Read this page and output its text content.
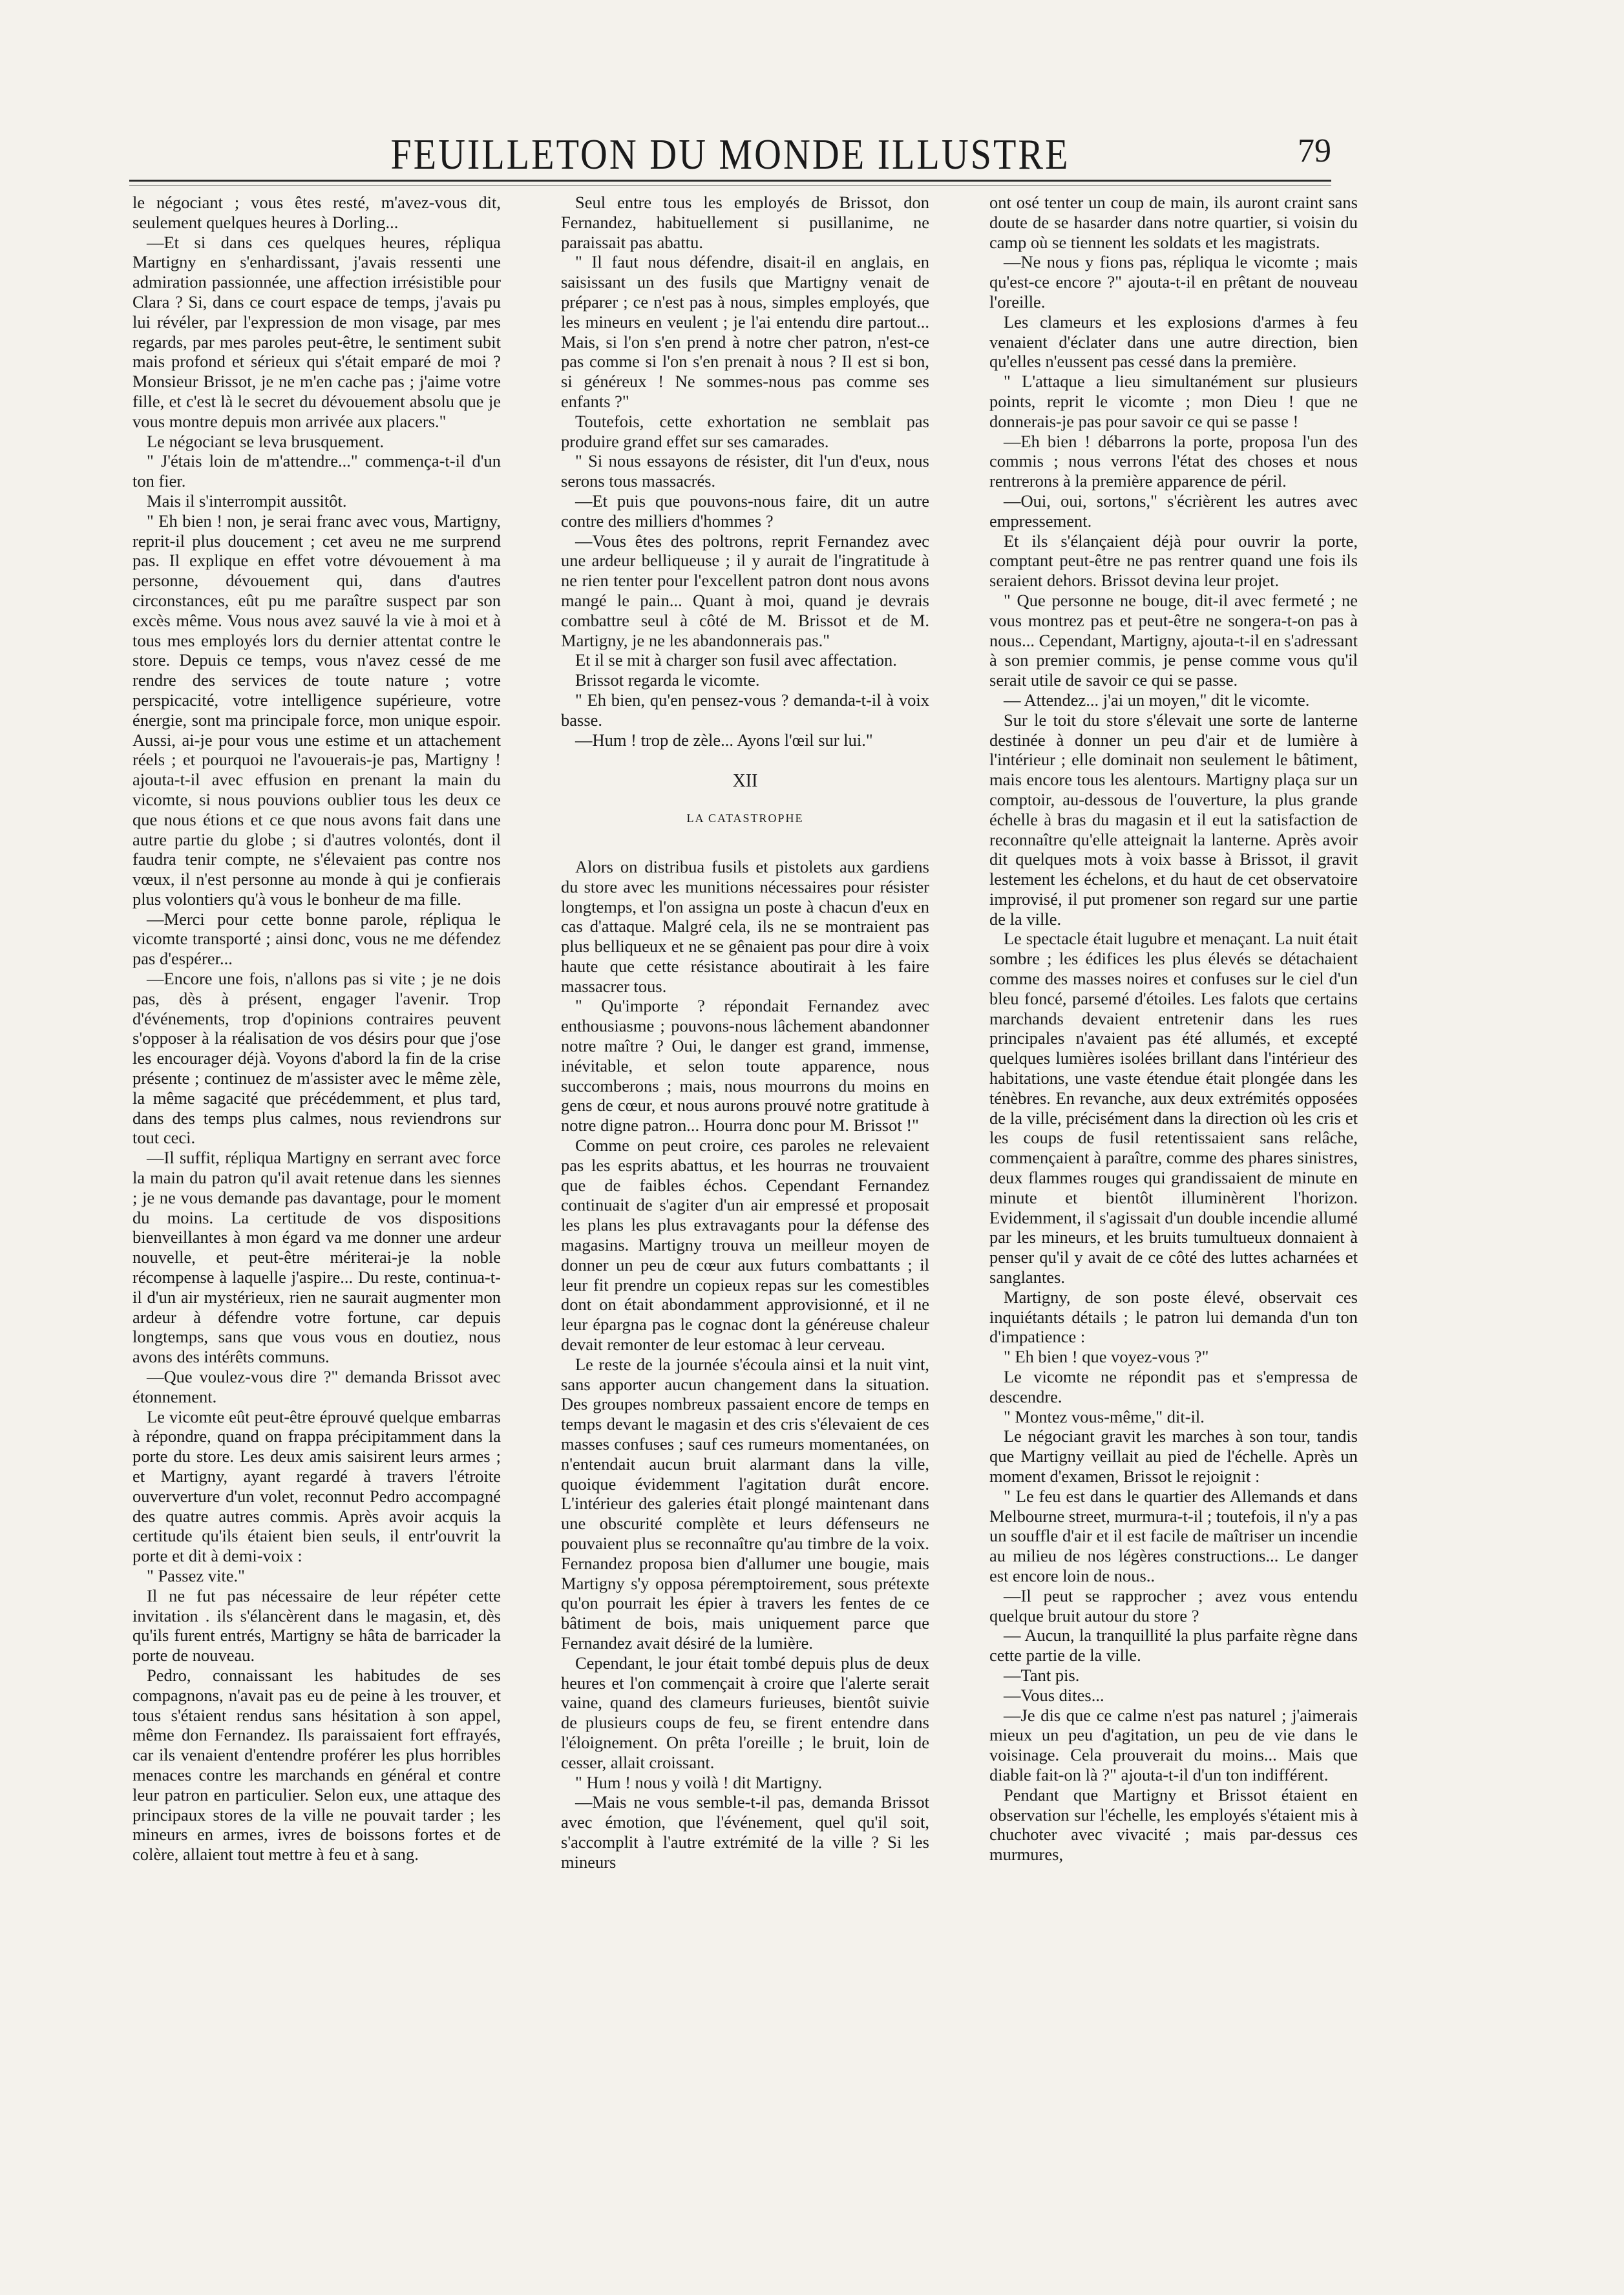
FEUILLETON DU MONDE ILLUSTRE	79

le négociant ; vous êtes resté, m'avez-vous dit, seulement quelques heures à Dorling...

—Et si dans ces quelques heures, répliqua Martigny en s'enhardissant, j'avais ressenti une admiration passionnée, une affection irrésistible pour Clara ? Si, dans ce court espace de temps, j'avais pu lui révéler, par l'expression de mon visage, par mes regards, par mes paroles peut-être, le sentiment subit mais profond et sérieux qui s'était emparé de moi ? Monsieur Brissot, je ne m'en cache pas ; j'aime votre fille, et c'est là le secret du dévouement absolu que je vous montre depuis mon arrivée aux placers."

Le négociant se leva brusquement.

" J'étais loin de m'attendre..." commença-t-il d'un ton fier.

Mais il s'interrompit aussitôt.

" Eh bien ! non, je serai franc avec vous, Martigny, reprit-il plus doucement ; cet aveu ne me surprend pas. Il explique en effet votre dévouement à ma personne, dévouement qui, dans d'autres circonstances, eût pu me paraître suspect par son excès même. Vous nous avez sauvé la vie à moi et à tous mes employés lors du dernier attentat contre le store. Depuis ce temps, vous n'avez cessé de me rendre des services de toute nature ; votre perspicacité, votre intelligence supérieure, votre énergie, sont ma principale force, mon unique espoir. Aussi, ai-je pour vous une estime et un attachement réels ; et pourquoi ne l'avouerais-je pas, Martigny ! ajouta-t-il avec effusion en prenant la main du vicomte, si nous pouvions oublier tous les deux ce que nous étions et ce que nous avons fait dans une autre partie du globe ; si d'autres volontés, dont il faudra tenir compte, ne s'élevaient pas contre nos vœux, il n'est personne au monde à qui je confierais plus volontiers qu'à vous le bonheur de ma fille.

—Merci pour cette bonne parole, répliqua le vicomte transporté ; ainsi donc, vous ne me défendez pas d'espérer...

—Encore une fois, n'allons pas si vite ; je ne dois pas, dès à présent, engager l'avenir. Trop d'événements, trop d'opinions contraires peuvent s'opposer à la réalisation de vos désirs pour que j'ose les encourager déjà. Voyons d'abord la fin de la crise présente ; continuez de m'assister avec le même zèle, la même sagacité que précédemment, et plus tard, dans des temps plus calmes, nous reviendrons sur tout ceci.

—Il suffit, répliqua Martigny en serrant avec force la main du patron qu'il avait retenue dans les siennes ; je ne vous demande pas davantage, pour le moment du moins. La certitude de vos dispositions bienveillantes à mon égard va me donner une ardeur nouvelle, et peut-être mériterai-je la noble récompense à laquelle j'aspire... Du reste, continua-t-il d'un air mystérieux, rien ne saurait augmenter mon ardeur à défendre votre fortune, car depuis longtemps, sans que vous vous en doutiez, nous avons des intérêts communs.

—Que voulez-vous dire ?" demanda Brissot avec étonnement.

Le vicomte eût peut-être éprouvé quelque embarras à répondre, quand on frappa précipitamment dans la porte du store. Les deux amis saisirent leurs armes ; et Martigny, ayant regardé à travers l'étroite ouververture d'un volet, reconnut Pedro accompagné des quatre autres commis. Après avoir acquis la certitude qu'ils étaient bien seuls, il entr'ouvrit la porte et dit à demi-voix :

" Passez vite."

Il ne fut pas nécessaire de leur répéter cette invitation . ils s'élancèrent dans le magasin, et, dès qu'ils furent entrés, Martigny se hâta de barricader la porte de nouveau.

Pedro, connaissant les habitudes de ses compagnons, n'avait pas eu de peine à les trouver, et tous s'étaient rendus sans hésitation à son appel, même don Fernandez. Ils paraissaient fort effrayés, car ils venaient d'entendre proférer les plus horribles menaces contre les marchands en général et contre leur patron en particulier. Selon eux, une attaque des principaux stores de la ville ne pouvait tarder ; les mineurs en armes, ivres de boissons fortes et de colère, allaient tout mettre à feu et à sang.

Seul entre tous les employés de Brissot, don Fernandez, habituellement si pusillanime, ne paraissait pas abattu.

" Il faut nous défendre, disait-il en anglais, en saisissant un des fusils que Martigny venait de préparer ; ce n'est pas à nous, simples employés, que les mineurs en veulent ; je l'ai entendu dire partout... Mais, si l'on s'en prend à notre cher patron, n'est-ce pas comme si l'on s'en prenait à nous ? Il est si bon, si généreux ! Ne sommes-nous pas comme ses enfants ?"

Toutefois, cette exhortation ne semblait pas produire grand effet sur ses camarades.

" Si nous essayons de résister, dit l'un d'eux, nous serons tous massacrés.

—Et puis que pouvons-nous faire, dit un autre contre des milliers d'hommes ?

—Vous êtes des poltrons, reprit Fernandez avec une ardeur belliqueuse ; il y aurait de l'ingratitude à ne rien tenter pour l'excellent patron dont nous avons mangé le pain... Quant à moi, quand je devrais combattre seul à côté de M. Brissot et de M. Martigny, je ne les abandonnerais pas."

Et il se mit à charger son fusil avec affectation.

Brissot regarda le vicomte.

" Eh bien, qu'en pensez-vous ? demanda-t-il à voix basse.

—Hum ! trop de zèle... Ayons l'œil sur lui."

XII

LA CATASTROPHE

Alors on distribua fusils et pistolets aux gardiens du store avec les munitions nécessaires pour résister longtemps, et l'on assigna un poste à chacun d'eux en cas d'attaque. Malgré cela, ils ne se montraient pas plus belliqueux et ne se gênaient pas pour dire à voix haute que cette résistance aboutirait à les faire massacrer tous.

" Qu'importe ? répondait Fernandez avec enthousiasme ; pouvons-nous lâchement abandonner notre maître ? Oui, le danger est grand, immense, inévitable, et selon toute apparence, nous succomberons ; mais, nous mourrons du moins en gens de cœur, et nous aurons prouvé notre gratitude à notre digne patron... Hourra donc pour M. Brissot !"

Comme on peut croire, ces paroles ne relevaient pas les esprits abattus, et les hourras ne trouvaient que de faibles échos. Cependant Fernandez continuait de s'agiter d'un air empressé et proposait les plans les plus extravagants pour la défense des magasins. Martigny trouva un meilleur moyen de donner un peu de cœur aux futurs combattants ; il leur fit prendre un copieux repas sur les comestibles dont on était abondamment approvisionné, et il ne leur épargna pas le cognac dont la généreuse chaleur devait remonter de leur estomac à leur cerveau.

Le reste de la journée s'écoula ainsi et la nuit vint, sans apporter aucun changement dans la situation. Des groupes nombreux passaient encore de temps en temps devant le magasin et des cris s'élevaient de ces masses confuses ; sauf ces rumeurs momentanées, on n'entendait aucun bruit alarmant dans la ville, quoique évidemment l'agitation durât encore. L'intérieur des galeries était plongé maintenant dans une obscurité complète et leurs défenseurs ne pouvaient plus se reconnaître qu'au timbre de la voix. Fernandez proposa bien d'allumer une bougie, mais Martigny s'y opposa péremptoirement, sous prétexte qu'on pourrait les épier à travers les fentes de ce bâtiment de bois, mais uniquement parce que Fernandez avait désiré de la lumière.

Cependant, le jour était tombé depuis plus de deux heures et l'on commençait à croire que l'alerte serait vaine, quand des clameurs furieuses, bientôt suivie de plusieurs coups de feu, se firent entendre dans l'éloignement. On prêta l'oreille ; le bruit, loin de cesser, allait croissant.

" Hum ! nous y voilà ! dit Martigny.

—Mais ne vous semble-t-il pas, demanda Brissot avec émotion, que l'événement, quel qu'il soit, s'accomplit à l'autre extrémité de la ville ? Si les mineurs

ont osé tenter un coup de main, ils auront craint sans doute de se hasarder dans notre quartier, si voisin du camp où se tiennent les soldats et les magistrats.

—Ne nous y fions pas, répliqua le vicomte ; mais qu'est-ce encore ?" ajouta-t-il en prêtant de nouveau l'oreille.

Les clameurs et les explosions d'armes à feu venaient d'éclater dans une autre direction, bien qu'elles n'eussent pas cessé dans la première.

" L'attaque a lieu simultanément sur plusieurs points, reprit le vicomte ; mon Dieu ! que ne donnerais-je pas pour savoir ce qui se passe !

—Eh bien ! débarrons la porte, proposa l'un des commis ; nous verrons l'état des choses et nous rentrerons à la première apparence de péril.

—Oui, oui, sortons," s'écrièrent les autres avec empressement.

Et ils s'élançaient déjà pour ouvrir la porte, comptant peut-être ne pas rentrer quand une fois ils seraient dehors. Brissot devina leur projet.

" Que personne ne bouge, dit-il avec fermeté ; ne vous montrez pas et peut-être ne songera-t-on pas à nous... Cependant, Martigny, ajouta-t-il en s'adressant à son premier commis, je pense comme vous qu'il serait utile de savoir ce qui se passe.

— Attendez... j'ai un moyen," dit le vicomte.

Sur le toit du store s'élevait une sorte de lanterne destinée à donner un peu d'air et de lumière à l'intérieur ; elle dominait non seulement le bâtiment, mais encore tous les alentours. Martigny plaça sur un comptoir, au-dessous de l'ouverture, la plus grande échelle à bras du magasin et il eut la satisfaction de reconnaître qu'elle atteignait la lanterne. Après avoir dit quelques mots à voix basse à Brissot, il gravit lestement les échelons, et du haut de cet observatoire improvisé, il put promener son regard sur une partie de la ville.

Le spectacle était lugubre et menaçant. La nuit était sombre ; les édifices les plus élevés se détachaient comme des masses noires et confuses sur le ciel d'un bleu foncé, parsemé d'étoiles. Les falots que certains marchands devaient entretenir dans les rues principales n'avaient pas été allumés, et excepté quelques lumières isolées brillant dans l'intérieur des habitations, une vaste étendue était plongée dans les ténèbres. En revanche, aux deux extrémités opposées de la ville, précisément dans la direction où les cris et les coups de fusil retentissaient sans relâche, commençaient à paraître, comme des phares sinistres, deux flammes rouges qui grandissaient de minute en minute et bientôt illuminèrent l'horizon. Evidemment, il s'agissait d'un double incendie allumé par les mineurs, et les bruits tumultueux donnaient à penser qu'il y avait de ce côté des luttes acharnées et sanglantes.

Martigny, de son poste élevé, observait ces inquiétants détails ; le patron lui demanda d'un ton d'impatience :

" Eh bien ! que voyez-vous ?"

Le vicomte ne répondit pas et s'empressa de descendre.

" Montez vous-même," dit-il.

Le négociant gravit les marches à son tour, tandis que Martigny veillait au pied de l'échelle. Après un moment d'examen, Brissot le rejoignit :

" Le feu est dans le quartier des Allemands et dans Melbourne street, murmura-t-il ; toutefois, il n'y a pas un souffle d'air et il est facile de maîtriser un incendie au milieu de nos légères constructions... Le danger est encore loin de nous..

—Il peut se rapprocher ; avez vous entendu quelque bruit autour du store ?

— Aucun, la tranquillité la plus parfaite règne dans cette partie de la ville.

—Tant pis.

—Vous dites...

—Je dis que ce calme n'est pas naturel ; j'aimerais mieux un peu d'agitation, un peu de vie dans le voisinage. Cela prouverait du moins... Mais que diable fait-on là ?" ajouta-t-il d'un ton indifférent.

Pendant que Martigny et Brissot étaient en observation sur l'échelle, les employés s'étaient mis à chuchoter avec vivacité ; mais par-dessus ces murmures,
